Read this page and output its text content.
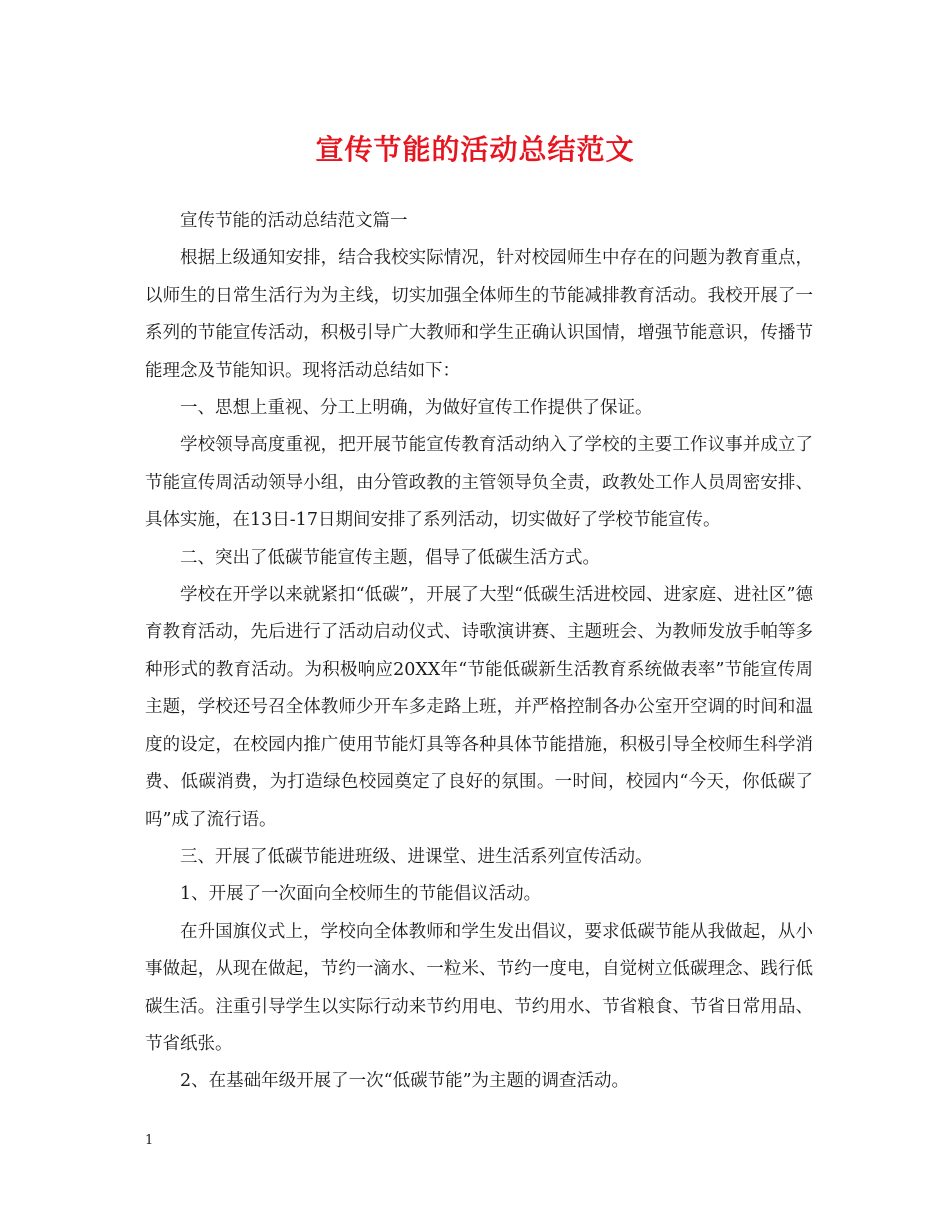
宣传节能的活动总结范文

宣传节能的活动总结范文篇一

根据上级通知安排，结合我校实际情况，针对校园师生中存在的问题为教育重点，以师生的日常生活行为为主线，切实加强全体师生的节能减排教育活动。我校开展了一系列的节能宣传活动，积极引导广大教师和学生正确认识国情，增强节能意识，传播节能理念及节能知识。现将活动总结如下：

一、思想上重视、分工上明确，为做好宣传工作提供了保证。

学校领导高度重视，把开展节能宣传教育活动纳入了学校的主要工作议事并成立了节能宣传周活动领导小组，由分管政教的主管领导负全责，政教处工作人员周密安排、具体实施，在13日-17日期间安排了系列活动，切实做好了学校节能宣传。

二、突出了低碳节能宣传主题，倡导了低碳生活方式。

学校在开学以来就紧扣“低碳”，开展了大型“低碳生活进校园、进家庭、进社区”德育教育活动，先后进行了活动启动仪式、诗歌演讲赛、主题班会、为教师发放手帕等多种形式的教育活动。为积极响应20XX年“节能低碳新生活教育系统做表率”节能宣传周主题，学校还号召全体教师少开车多走路上班，并严格控制各办公室开空调的时间和温度的设定，在校园内推广使用节能灯具等各种具体节能措施，积极引导全校师生科学消费、低碳消费，为打造绿色校园奠定了良好的氛围。一时间，校园内“今天，你低碳了吗”成了流行语。

三、开展了低碳节能进班级、进课堂、进生活系列宣传活动。

1、开展了一次面向全校师生的节能倡议活动。

在升国旗仪式上，学校向全体教师和学生发出倡议，要求低碳节能从我做起，从小事做起，从现在做起，节约一滴水、一粒米、节约一度电，自觉树立低碳理念、践行低碳生活。注重引导学生以实际行动来节约用电、节约用水、节省粮食、节省日常用品、节省纸张。

2、在基础年级开展了一次“低碳节能”为主题的调查活动。

1
